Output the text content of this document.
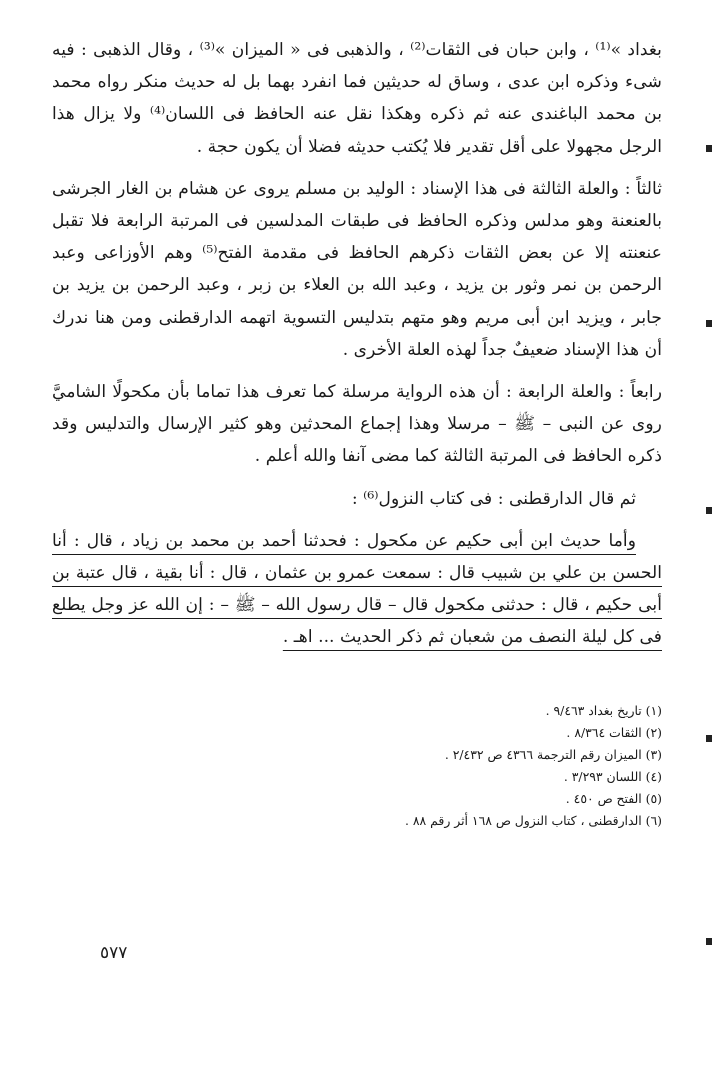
بغداد »⁽¹⁾ ، وابن حبان فى الثقات⁽²⁾ ، والذهبى فى « الميزان »⁽³⁾ ، وقال الذهبى : فيه شىء وذكره ابن عدى ، وساق له حديثين فما انفرد بهما بل له حديث منكر رواه محمد بن محمد الباغندى عنه ثم ذكره وهكذا نقل عنه الحافظ فى اللسان⁽⁴⁾ ولا يزال هذا الرجل مجهولا على أقل تقدير فلا يُكتب حديثه فضلا أن يكون حجة .

ثالثاً : والعلة الثالثة فى هذا الإسناد : الوليد بن مسلم يروى عن هشام بن الغار الجرشى بالعنعنة وهو مدلس وذكره الحافظ فى طبقات المدلسين فى المرتبة الرابعة فلا تقبل عنعنته إلا عن بعض الثقات ذكرهم الحافظ فى مقدمة الفتح⁽⁵⁾ وهم الأوزاعى وعبد الرحمن بن نمر وثور بن يزيد ، وعبد الله بن العلاء بن زبر ، وعبد الرحمن بن يزيد بن جابر ، ويزيد ابن أبى مريم وهو متهم بتدليس التسوية اتهمه الدارقطنى ومن هنا ندرك أن هذا الإسناد ضعيفٌ جداً لهذه العلة الأخرى .

رابعاً : والعلة الرابعة : أن هذه الرواية مرسلة كما تعرف هذا تماما بأن مكحولًا الشاميَّ روى عن النبى – ﷺ – مرسلا وهذا إجماع المحدثين وهو كثير الإرسال والتدليس وقد ذكره الحافظ فى المرتبة الثالثة كما مضى آنفا والله أعلم .

ثم قال الدارقطنى : فى كتاب النزول⁽⁶⁾ :

وأما حديث ابن أبى حكيم عن مكحول : فحدثنا أحمد بن محمد بن زياد ، قال : أنا الحسن بن علي بن شبيب قال : سمعت عمرو بن عثمان ، قال : أنا بقية ، قال عتبة بن أبى حكيم ، قال : حدثنى مكحول قال – قال رسول الله – ﷺ – : إن الله عز وجل يطلع فى كل ليلة النصف من شعبان ثم ذكر الحديث ... اهـ .

(١) تاريخ بغداد ٩/٤٦٣ .

(٢) الثقات ٨/٣٦٤ .

(٣) الميزان رقم الترجمة ٤٣٦٦ ص ٢/٤٣٢ .

(٤) اللسان ٣/٢٩٣ .

(٥) الفتح ص ٤٥٠ .

(٦) الدارقطنى ، كتاب النزول ص ١٦٨ أثر رقم ٨٨ .

٥٧٧
